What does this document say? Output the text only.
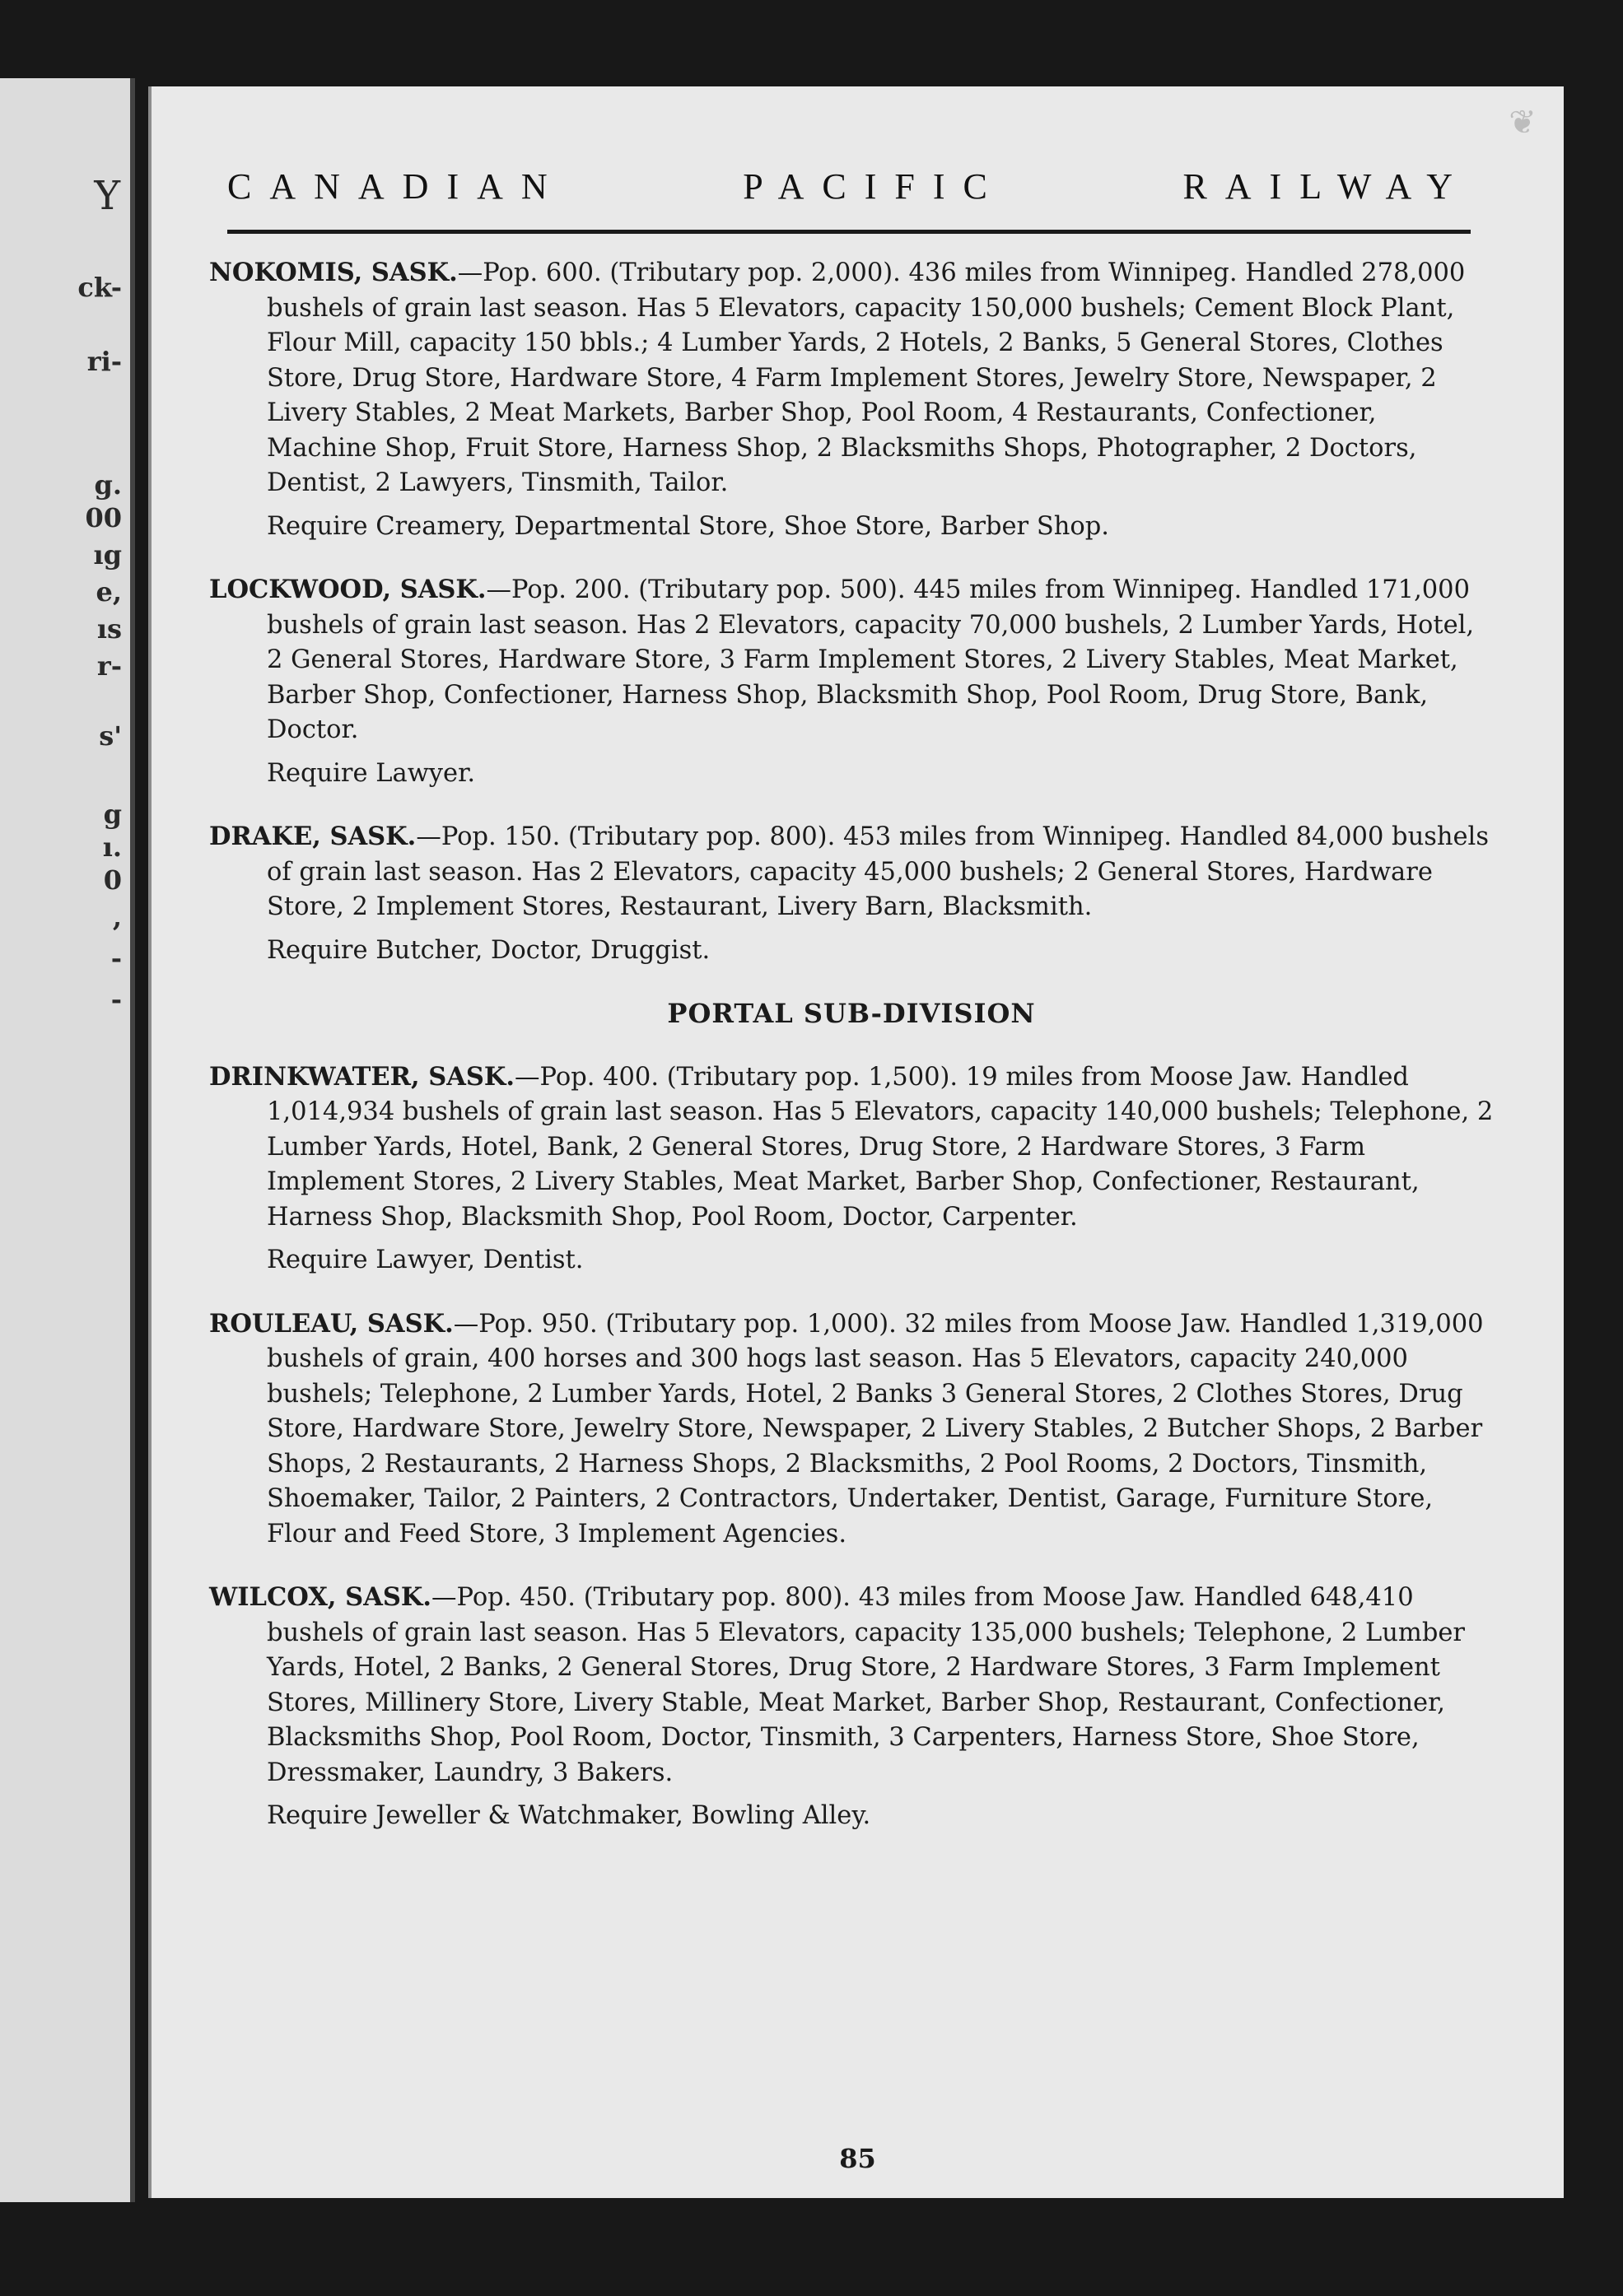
Y
ck-
ri-
g.
00
ıg
e,
ıs
r-
s'
g
ı.
0
,
-
-
❦
CANADIAN	PACIFIC	RAILWAY

NOKOMIS, SASK.—Pop. 600. (Tributary pop. 2,000). 436 miles from Winnipeg. Handled 278,000 bushels of grain last season. Has 5 Elevators, capacity 150,000 bushels; Cement Block Plant, Flour Mill, capacity 150 bbls.; 4 Lumber Yards, 2 Hotels, 2 Banks, 5 General Stores, Clothes Store, Drug Store, Hardware Store, 4 Farm Implement Stores, Jewelry Store, Newspaper, 2 Livery Stables, 2 Meat Markets, Barber Shop, Pool Room, 4 Restaurants, Confectioner, Machine Shop, Fruit Store, Harness Shop, 2 Blacksmiths Shops, Photographer, 2 Doctors, Dentist, 2 Lawyers, Tinsmith, Tailor.

Require Creamery, Departmental Store, Shoe Store, Barber Shop.

LOCKWOOD, SASK.—Pop. 200. (Tributary pop. 500). 445 miles from Winnipeg. Handled 171,000 bushels of grain last season. Has 2 Elevators, capacity 70,000 bushels, 2 Lumber Yards, Hotel, 2 General Stores, Hardware Store, 3 Farm Implement Stores, 2 Livery Stables, Meat Market, Barber Shop, Confectioner, Harness Shop, Blacksmith Shop, Pool Room, Drug Store, Bank, Doctor.

Require Lawyer.

DRAKE, SASK.—Pop. 150. (Tributary pop. 800). 453 miles from Winnipeg. Handled 84,000 bushels of grain last season. Has 2 Elevators, capacity 45,000 bushels; 2 General Stores, Hardware Store, 2 Implement Stores, Restaurant, Livery Barn, Blacksmith.

Require Butcher, Doctor, Druggist.

PORTAL SUB-DIVISION

DRINKWATER, SASK.—Pop. 400. (Tributary pop. 1,500). 19 miles from Moose Jaw. Handled 1,014,934 bushels of grain last season. Has 5 Elevators, capacity 140,000 bushels; Telephone, 2 Lumber Yards, Hotel, Bank, 2 General Stores, Drug Store, 2 Hardware Stores, 3 Farm Implement Stores, 2 Livery Stables, Meat Market, Barber Shop, Confectioner, Restaurant, Harness Shop, Blacksmith Shop, Pool Room, Doctor, Carpenter.

Require Lawyer, Dentist.

ROULEAU, SASK.—Pop. 950. (Tributary pop. 1,000). 32 miles from Moose Jaw. Handled 1,319,000 bushels of grain, 400 horses and 300 hogs last season. Has 5 Elevators, capacity 240,000 bushels; Telephone, 2 Lumber Yards, Hotel, 2 Banks 3 General Stores, 2 Clothes Stores, Drug Store, Hardware Store, Jewelry Store, Newspaper, 2 Livery Stables, 2 Butcher Shops, 2 Barber Shops, 2 Restaurants, 2 Harness Shops, 2 Blacksmiths, 2 Pool Rooms, 2 Doctors, Tinsmith, Shoemaker, Tailor, 2 Painters, 2 Contractors, Undertaker, Dentist, Garage, Furniture Store, Flour and Feed Store, 3 Implement Agencies.

WILCOX, SASK.—Pop. 450. (Tributary pop. 800). 43 miles from Moose Jaw. Handled 648,410 bushels of grain last season. Has 5 Elevators, capacity 135,000 bushels; Telephone, 2 Lumber Yards, Hotel, 2 Banks, 2 General Stores, Drug Store, 2 Hardware Stores, 3 Farm Implement Stores, Millinery Store, Livery Stable, Meat Market, Barber Shop, Restaurant, Confectioner, Blacksmiths Shop, Pool Room, Doctor, Tinsmith, 3 Carpenters, Harness Store, Shoe Store, Dressmaker, Laundry, 3 Bakers.

Require Jeweller & Watchmaker, Bowling Alley.

85
